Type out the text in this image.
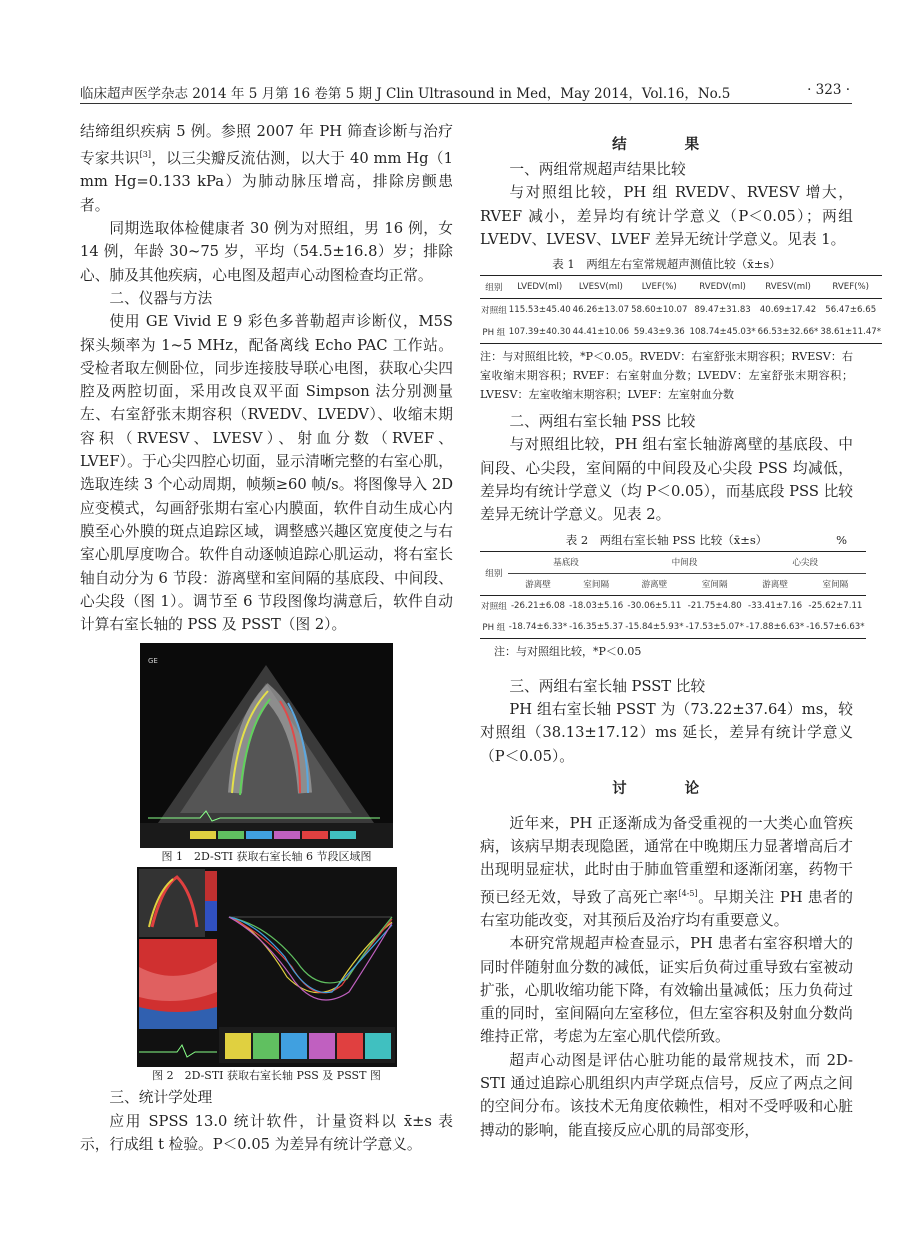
临床超声医学杂志 2014 年 5 月第 16 卷第 5 期 J Clin Ultrasound in Med，May 2014，Vol.16，No.5	· 323 ·

结缔组织疾病 5 例。参照 2007 年 PH 筛查诊断与治疗专家共识[3]，以三尖瓣反流估测，以大于 40 mm Hg（1 mm Hg=0.133 kPa）为肺动脉压增高，排除房颤患者。

同期选取体检健康者 30 例为对照组，男 16 例，女 14 例，年龄 30~75 岁，平均（54.5±16.8）岁；排除心、肺及其他疾病，心电图及超声心动图检查均正常。

二、仪器与方法

使用 GE Vivid E 9 彩色多普勒超声诊断仪，M5S 探头频率为 1~5 MHz，配备离线 Echo PAC 工作站。受检者取左侧卧位，同步连接肢导联心电图，获取心尖四腔及两腔切面，采用改良双平面 Simpson 法分别测量左、右室舒张末期容积（RVEDV、LVEDV）、收缩末期容积（RVESV、LVESV）、射血分数（RVEF、LVEF）。于心尖四腔心切面，显示清晰完整的右室心肌，选取连续 3 个心动周期，帧频≥60 帧/s。将图像导入 2D 应变模式，勾画舒张期右室心内膜面，软件自动生成心内膜至心外膜的斑点追踪区域，调整感兴趣区宽度使之与右室心肌厚度吻合。软件自动逐帧追踪心肌运动，将右室长轴自动分为 6 节段：游离壁和室间隔的基底段、中间段、心尖段（图 1）。调节至 6 节段图像均满意后，软件自动计算右室长轴的 PSS 及 PSST（图 2）。

GE
图 1　2D-STI 获取右室长轴 6 节段区域图
图 2　2D-STI 获取右室长轴 PSS 及 PSST 图

三、统计学处理

应用 SPSS 13.0 统计软件，计量资料以 x̄±s 表示，行成组 t 检验。P＜0.05 为差异有统计学意义。

结　果

一、两组常规超声结果比较

与对照组比较，PH 组 RVEDV、RVESV 增大，RVEF 减小，差异均有统计学意义（P＜0.05）；两组 LVEDV、LVESV、LVEF 差异无统计学意义。见表 1。

表 1　两组左右室常规超声测值比较（x̄±s）
组别	LVEDV(ml)	LVESV(ml)	LVEF(%)	RVEDV(ml)	RVESV(ml)	RVEF(%)
对照组	115.53±45.40	46.26±13.07	58.60±10.07	89.47±31.83	40.69±17.42	56.47±6.65
PH 组	107.39±40.30	44.41±10.06	59.43±9.36	108.74±45.03*	66.53±32.66*	38.61±11.47*
注：与对照组比较，*P＜0.05。RVEDV：右室舒张末期容积；RVESV：右室收缩末期容积；RVEF：右室射血分数；LVEDV：左室舒张末期容积；LVESV：左室收缩末期容积；LVEF：左室射血分数

二、两组右室长轴 PSS 比较

与对照组比较，PH 组右室长轴游离壁的基底段、中间段、心尖段，室间隔的中间段及心尖段 PSS 均减低，差异均有统计学意义（均 P＜0.05），而基底段 PSS 比较差异无统计学意义。见表 2。

表 2　两组右室长轴 PSS 比较（x̄±s）	%
组别	基底段		中间段		心尖段	
	游离壁	室间隔	游离壁	室间隔	游离壁	室间隔
对照组	-26.21±6.08	-18.03±5.16	-30.06±5.11	-21.75±4.80	-33.41±7.16	-25.62±7.11
PH 组	-18.74±6.33*	-16.35±5.37	-15.84±5.93*	-17.53±5.07*	-17.88±6.63*	-16.57±6.63*
注：与对照组比较，*P＜0.05

三、两组右室长轴 PSST 比较

PH 组右室长轴 PSST 为（73.22±37.64）ms，较对照组（38.13±17.12）ms 延长，差异有统计学意义（P＜0.05）。

讨　论

近年来，PH 正逐渐成为备受重视的一大类心血管疾病，该病早期表现隐匿，通常在中晚期压力显著增高后才出现明显症状，此时由于肺血管重塑和逐渐闭塞，药物干预已经无效，导致了高死亡率[4-5]。早期关注 PH 患者的右室功能改变，对其预后及治疗均有重要意义。

本研究常规超声检查显示，PH 患者右室容积增大的同时伴随射血分数的减低，证实后负荷过重导致右室被动扩张，心肌收缩功能下降，有效输出量减低；压力负荷过重的同时，室间隔向左室移位，但左室容积及射血分数尚维持正常，考虑为左室心肌代偿所致。

超声心动图是评估心脏功能的最常规技术，而 2D-STI 通过追踪心肌组织内声学斑点信号，反应了两点之间的空间分布。该技术无角度依赖性，相对不受呼吸和心脏搏动的影响，能直接反应心肌的局部变形，
